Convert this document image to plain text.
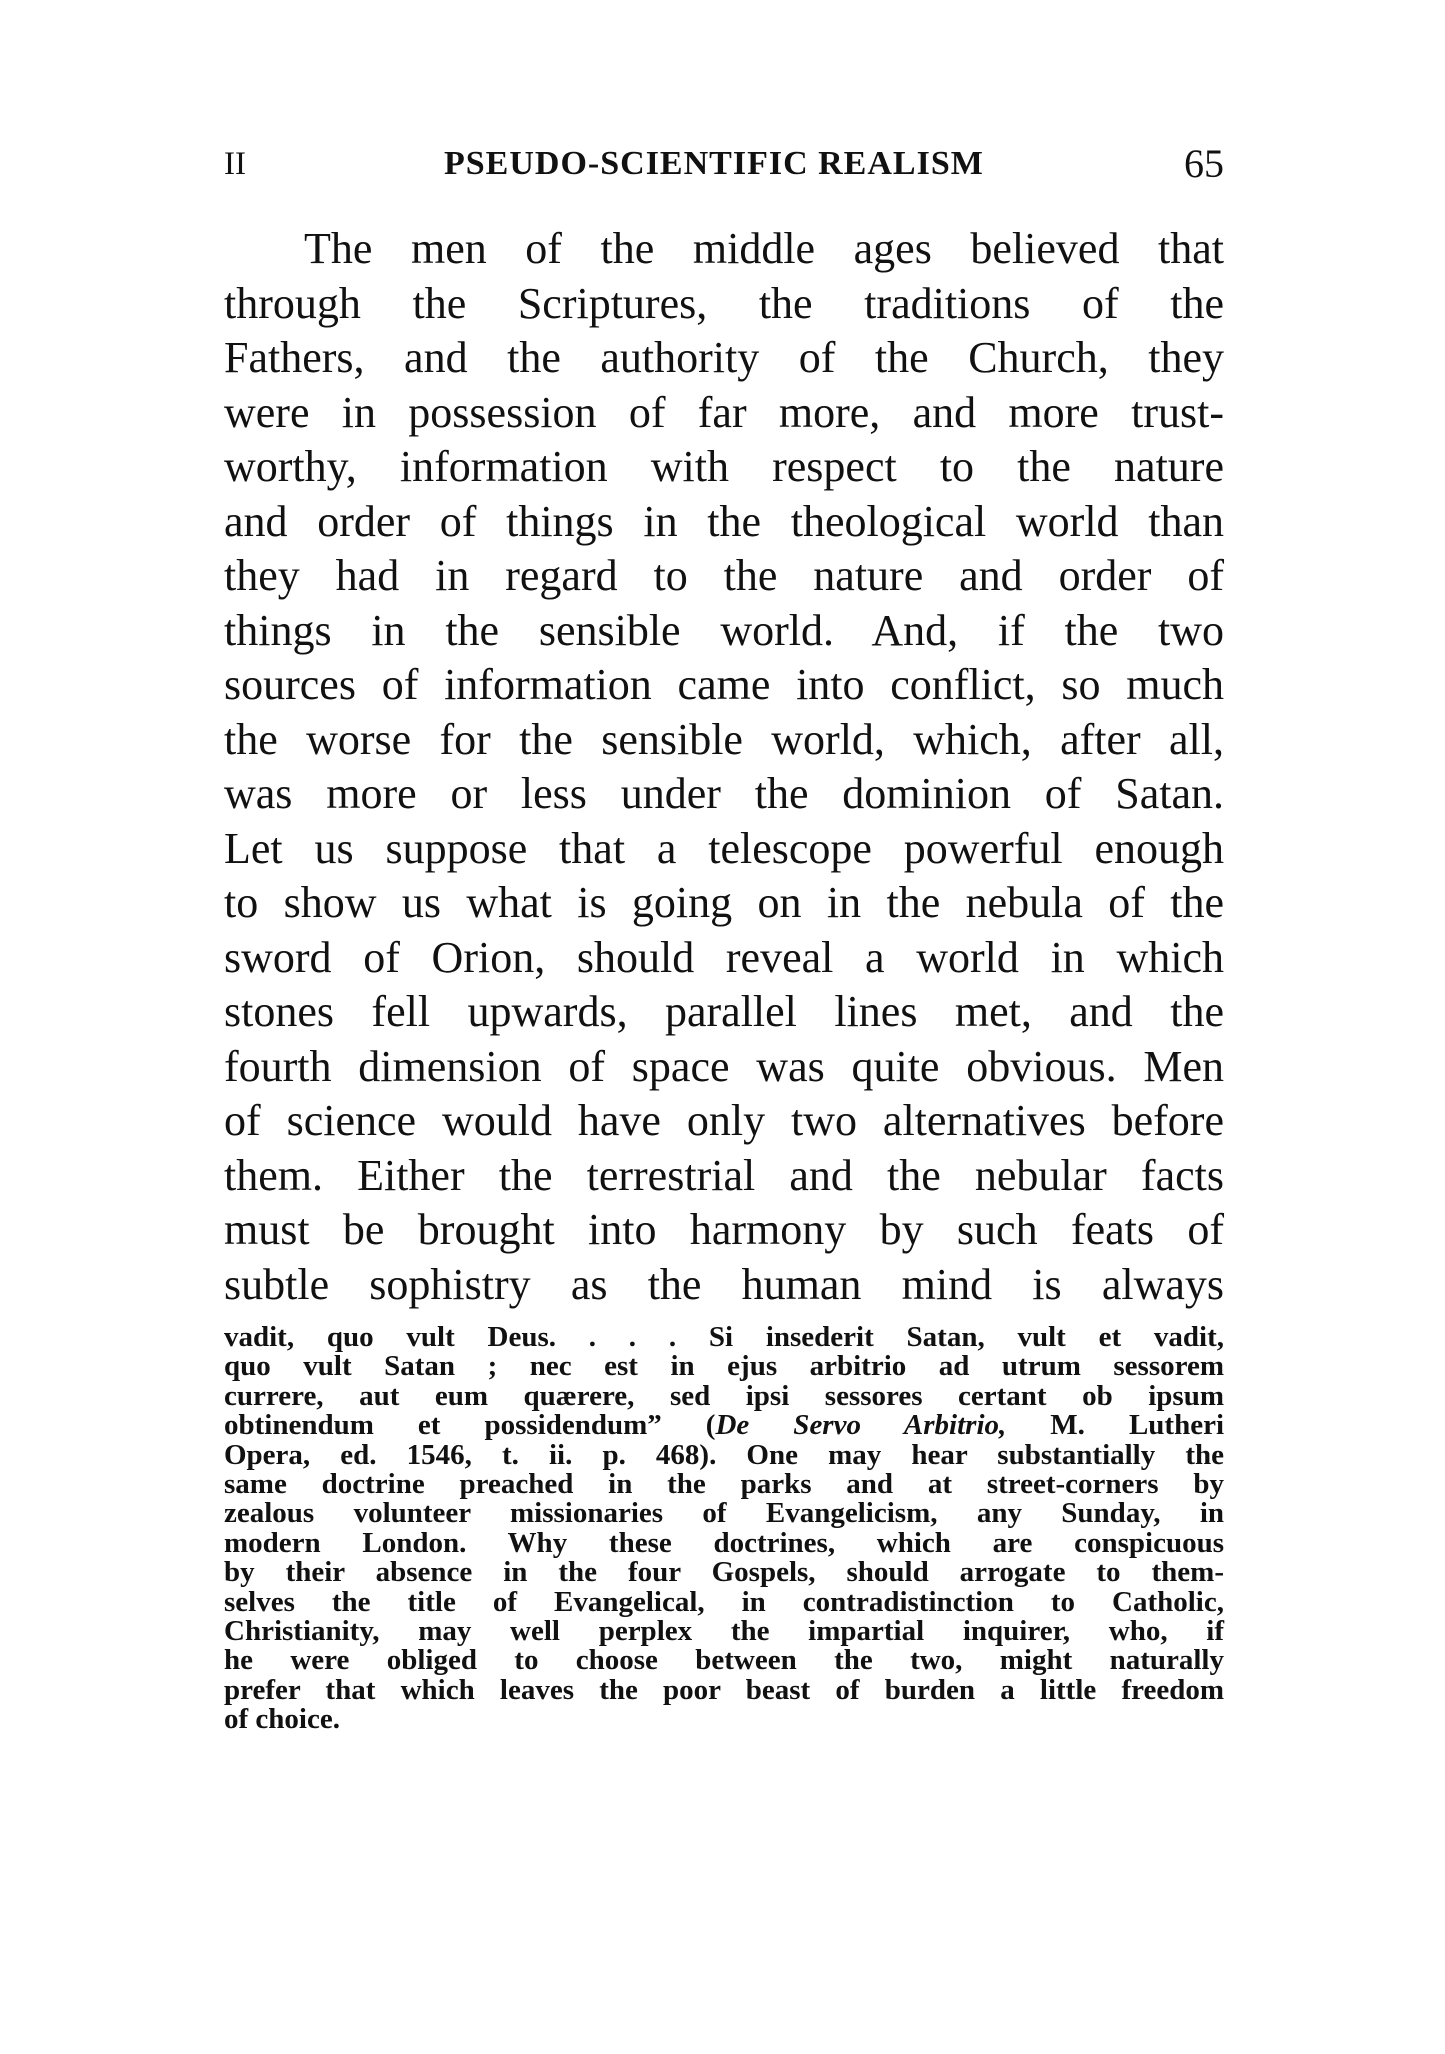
II	PSEUDO-SCIENTIFIC REALISM	65
The men of the middle ages believed that
through the Scriptures, the traditions of the
Fathers, and the authority of the Church, they
were in possession of far more, and more trust-
worthy, information with respect to the nature
and order of things in the theological world than
they had in regard to the nature and order of
things in the sensible world. And, if the two
sources of information came into conflict, so much
the worse for the sensible world, which, after all,
was more or less under the dominion of Satan.
Let us suppose that a telescope powerful enough
to show us what is going on in the nebula of the
sword of Orion, should reveal a world in which
stones fell upwards, parallel lines met, and the
fourth dimension of space was quite obvious. Men
of science would have only two alternatives before
them. Either the terrestrial and the nebular facts
must be brought into harmony by such feats of
subtle sophistry as the human mind is always
vadit, quo vult Deus. . . . Si insederit Satan, vult et vadit,
quo vult Satan ; nec est in ejus arbitrio ad utrum sessorem
currere, aut eum quærere, sed ipsi sessores certant ob ipsum
obtinendum et possidendum” (De Servo Arbitrio, M. Lutheri
Opera, ed. 1546, t. ii. p. 468). One may hear substantially the
same doctrine preached in the parks and at street-corners by
zealous volunteer missionaries of Evangelicism, any Sunday, in
modern London. Why these doctrines, which are conspicuous
by their absence in the four Gospels, should arrogate to them-
selves the title of Evangelical, in contradistinction to Catholic,
Christianity, may well perplex the impartial inquirer, who, if
he were obliged to choose between the two, might naturally
prefer that which leaves the poor beast of burden a little freedom
of choice.
